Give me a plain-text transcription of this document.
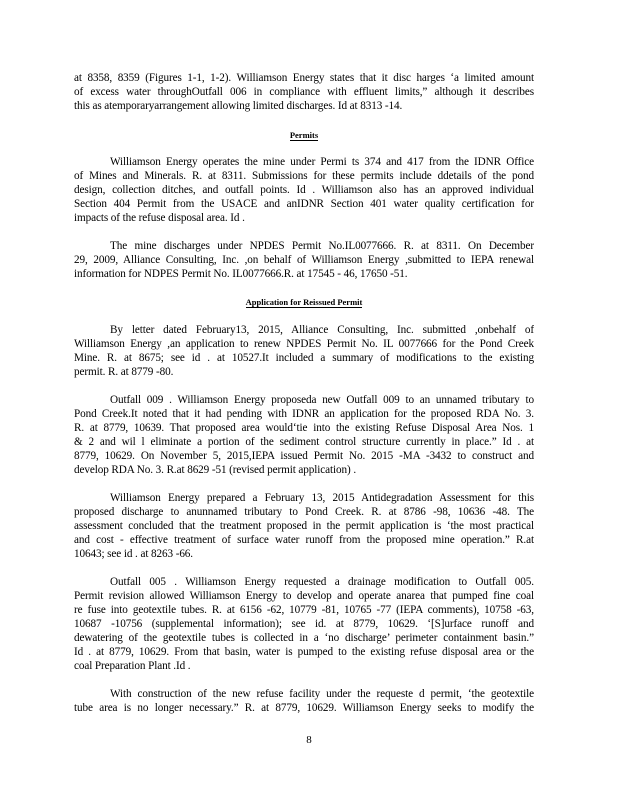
at 8358, 8359 (Figures 1-1, 1-2). Williamson Energy states that it disc harges ‘a limited amount
of excess water throughOutfall 006 in compliance with effluent limits,” although it describes
this as atemporaryarrangement allowing limited discharges. Id at 8313 -14.
Permits
Williamson Energy operates the mine under Permi ts 374 and 417 from the IDNR Office
of Mines and Minerals. R. at 8311. Submissions for these permits include ddetails of the pond
design, collection ditches, and outfall points. Id . Williamson also has an approved individual
Section 404 Permit from the USACE and anIDNR Section 401 water quality certification for
impacts of the refuse disposal area. Id .
The mine discharges under NPDES Permit No.IL0077666. R. at 8311. On December
29, 2009, Alliance Consulting, Inc. ,on behalf of Williamson Energy ,submitted to IEPA renewal
information for NDPES Permit No. IL0077666.R. at 17545 - 46, 17650 -51.
Application for Reissued Permit
By letter dated February13, 2015, Alliance Consulting, Inc. submitted ,onbehalf of
Williamson Energy ,an application to renew NPDES Permit No. IL 0077666 for the Pond Creek
Mine. R. at 8675; see id . at 10527.It included a summary of modifications to the existing
permit. R. at 8779 -80.
Outfall 009 . Williamson Energy proposeda new Outfall 009 to an unnamed tributary to
Pond Creek.It noted that it had pending with IDNR an application for the proposed RDA No. 3.
R. at 8779, 10639. That proposed area would‘tie into the existing Refuse Disposal Area Nos. 1
& 2 and wil l eliminate a portion of the sediment control structure currently in place.” Id . at
8779, 10629. On November 5, 2015,IEPA issued Permit No. 2015 -MA -3432 to construct and
develop RDA No. 3. R.at 8629 -51 (revised permit application) .
Williamson Energy prepared a February 13, 2015 Antidegradation Assessment for this
proposed discharge to anunnamed tributary to Pond Creek. R. at 8786 -98, 10636 -48. The
assessment concluded that the treatment proposed in the permit application is ‘the most practical
and cost - effective treatment of surface water runoff from the proposed mine operation.” R.at
10643; see id . at 8263 -66.
Outfall 005 . Williamson Energy requested a drainage modification to Outfall 005.
Permit revision allowed Williamson Energy to develop and operate anarea that pumped fine coal
re fuse into geotextile tubes. R. at 6156 -62, 10779 -81, 10765 -77 (IEPA comments), 10758 -63,
10687 -10756 (supplemental information); see id. at 8779, 10629. ‘[S]urface runoff and
dewatering of the geotextile tubes is collected in a ‘no discharge’ perimeter containment basin.”
Id . at 8779, 10629. From that basin, water is pumped to the existing refuse disposal area or the
coal Preparation Plant .Id .
With construction of the new refuse facility under the requeste d permit, ‘the geotextile
tube area is no longer necessary.” R. at 8779, 10629. Williamson Energy seeks to modify the
8
